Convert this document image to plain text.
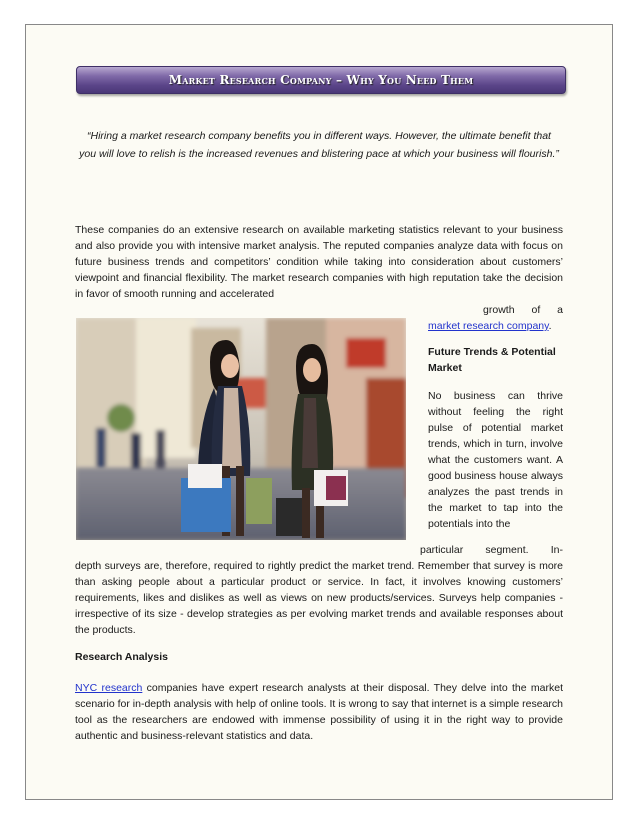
Market Research Company – Why You Need Them

“Hiring a market research company benefits you in different ways. However, the ultimate benefit that you will love to relish is the increased revenues and blistering pace at which your business will flourish.”

These companies do an extensive research on available marketing statistics relevant to your business and also provide you with intensive market analysis. The reputed companies analyze data with focus on future business trends and competitors’ condition while taking into consideration about customers’ viewpoint and financial flexibility. The market research companies with high reputation take the decision in favor of smooth running and accelerated

growth of a

market research company.

Future Trends & Potential Market

No business can thrive without feeling the right pulse of potential market trends, which in turn, involve what the customers want. A good business house always analyzes the past trends in the market to tap into the potentials into the

particular segment. In-

depth surveys are, therefore, required to rightly predict the market trend. Remember that survey is more than asking people about a particular product or service. In fact, it involves knowing customers’ requirements, likes and dislikes as well as views on new products/services. Surveys help companies - irrespective of its size - develop strategies as per evolving market trends and available responses about the products.

Research Analysis

NYC research companies have expert research analysts at their disposal. They delve into the market scenario for in-depth analysis with help of online tools. It is wrong to say that internet is a simple research tool as the researchers are endowed with immense possibility of using it in the right way to provide authentic and business-relevant statistics and data.
